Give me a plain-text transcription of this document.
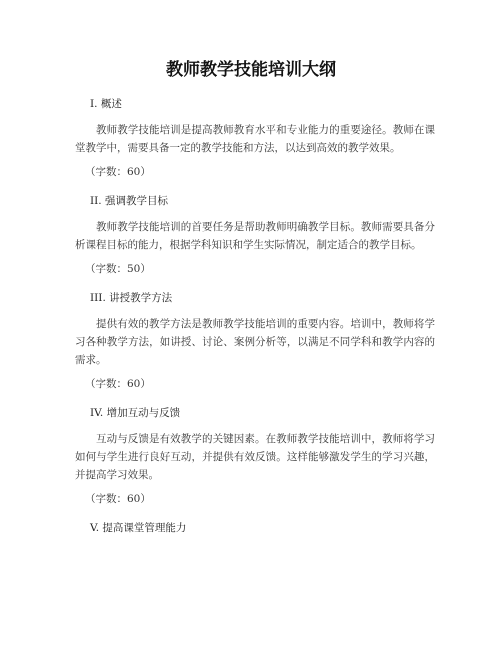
教师教学技能培训大纲
I. 概述

教师教学技能培训是提高教师教育水平和专业能力的重要途径。教师在课堂教学中，需要具备一定的教学技能和方法，以达到高效的教学效果。

（字数：60）
II. 强调教学目标

教师教学技能培训的首要任务是帮助教师明确教学目标。教师需要具备分析课程目标的能力，根据学科知识和学生实际情况，制定适合的教学目标。

（字数：50）
III. 讲授教学方法

提供有效的教学方法是教师教学技能培训的重要内容。培训中，教师将学习各种教学方法，如讲授、讨论、案例分析等，以满足不同学科和教学内容的需求。

（字数：60）
IV. 增加互动与反馈

互动与反馈是有效教学的关键因素。在教师教学技能培训中，教师将学习如何与学生进行良好互动，并提供有效反馈。这样能够激发学生的学习兴趣，并提高学习效果。

（字数：60）
V. 提高课堂管理能力
